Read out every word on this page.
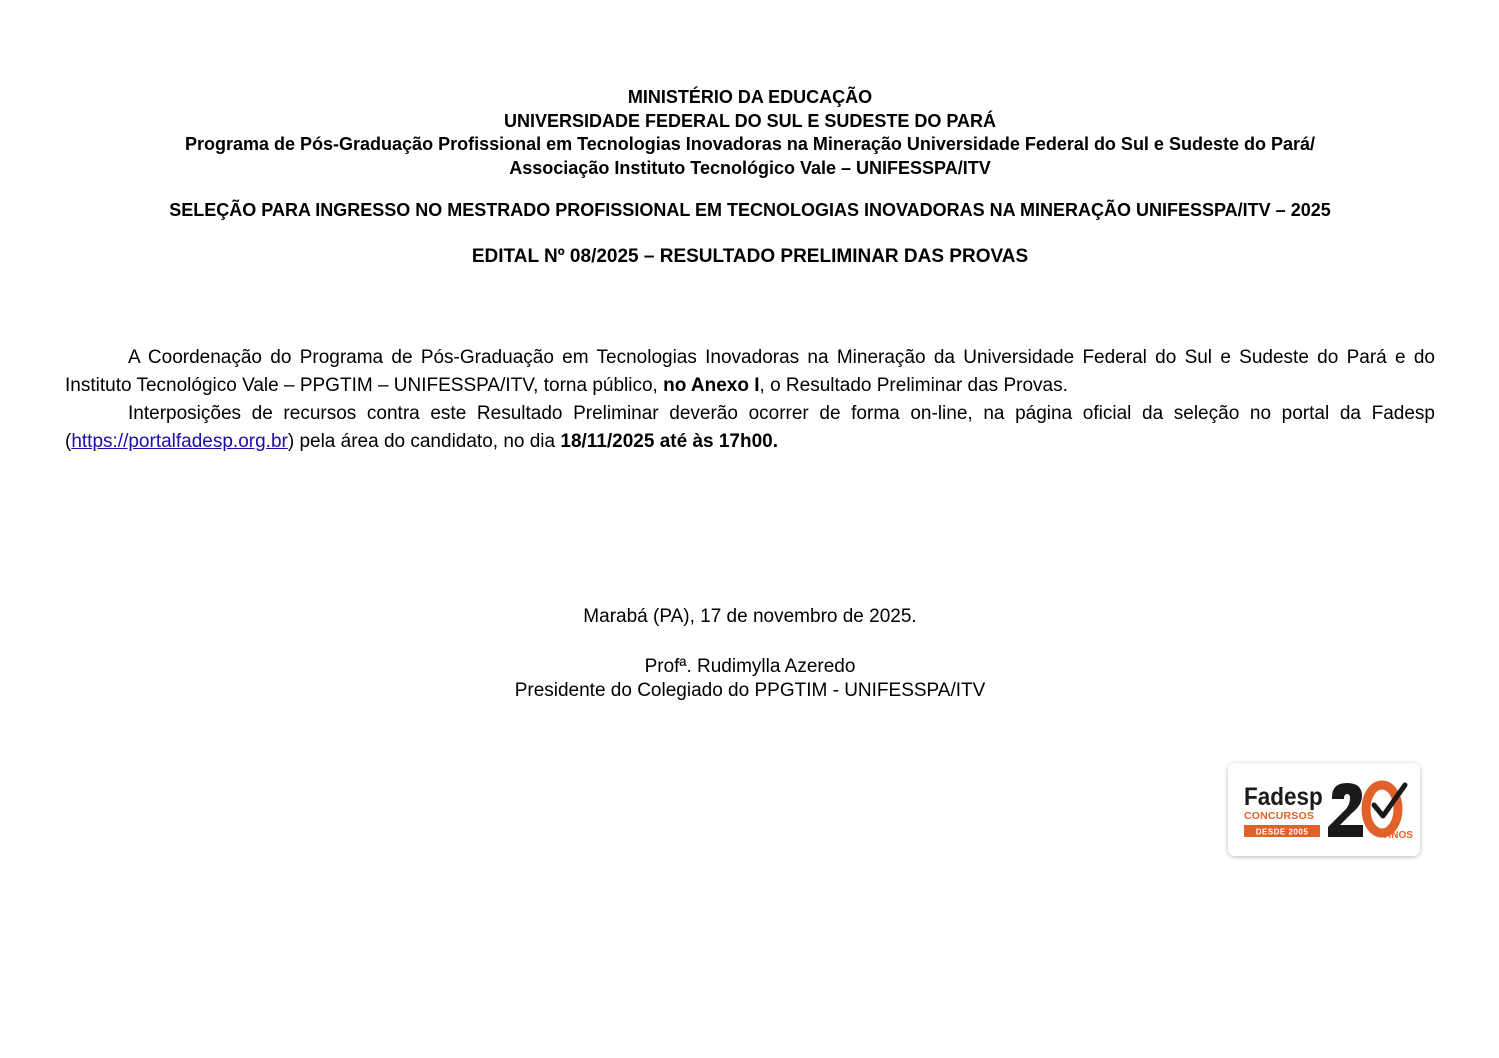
MINISTÉRIO DA EDUCAÇÃO
UNIVERSIDADE FEDERAL DO SUL E SUDESTE DO PARÁ
Programa de Pós-Graduação Profissional em Tecnologias Inovadoras na Mineração Universidade Federal do Sul e Sudeste do Pará/
Associação Instituto Tecnológico Vale – UNIFESSPA/ITV
SELEÇÃO PARA INGRESSO NO MESTRADO PROFISSIONAL EM TECNOLOGIAS INOVADORAS NA MINERAÇÃO UNIFESSPA/ITV – 2025
EDITAL Nº 08/2025 – RESULTADO PRELIMINAR DAS PROVAS

A Coordenação do Programa de Pós-Graduação em Tecnologias Inovadoras na Mineração da Universidade Federal do Sul e Sudeste do Pará e do Instituto Tecnológico Vale – PPGTIM – UNIFESSPA/ITV, torna público, no Anexo I, o Resultado Preliminar das Provas.

Interposições de recursos contra este Resultado Preliminar deverão ocorrer de forma on-line, na página oficial da seleção no portal da Fadesp (https://portalfadesp.org.br) pela área do candidato, no dia 18/11/2025 até às 17h00.

Marabá (PA), 17 de novembro de 2025.
Profª. Rudimylla Azeredo
Presidente do Colegiado do PPGTIM - UNIFESSPA/ITV
Fadesp
CONCURSOS
DESDE 2005	ANOS
